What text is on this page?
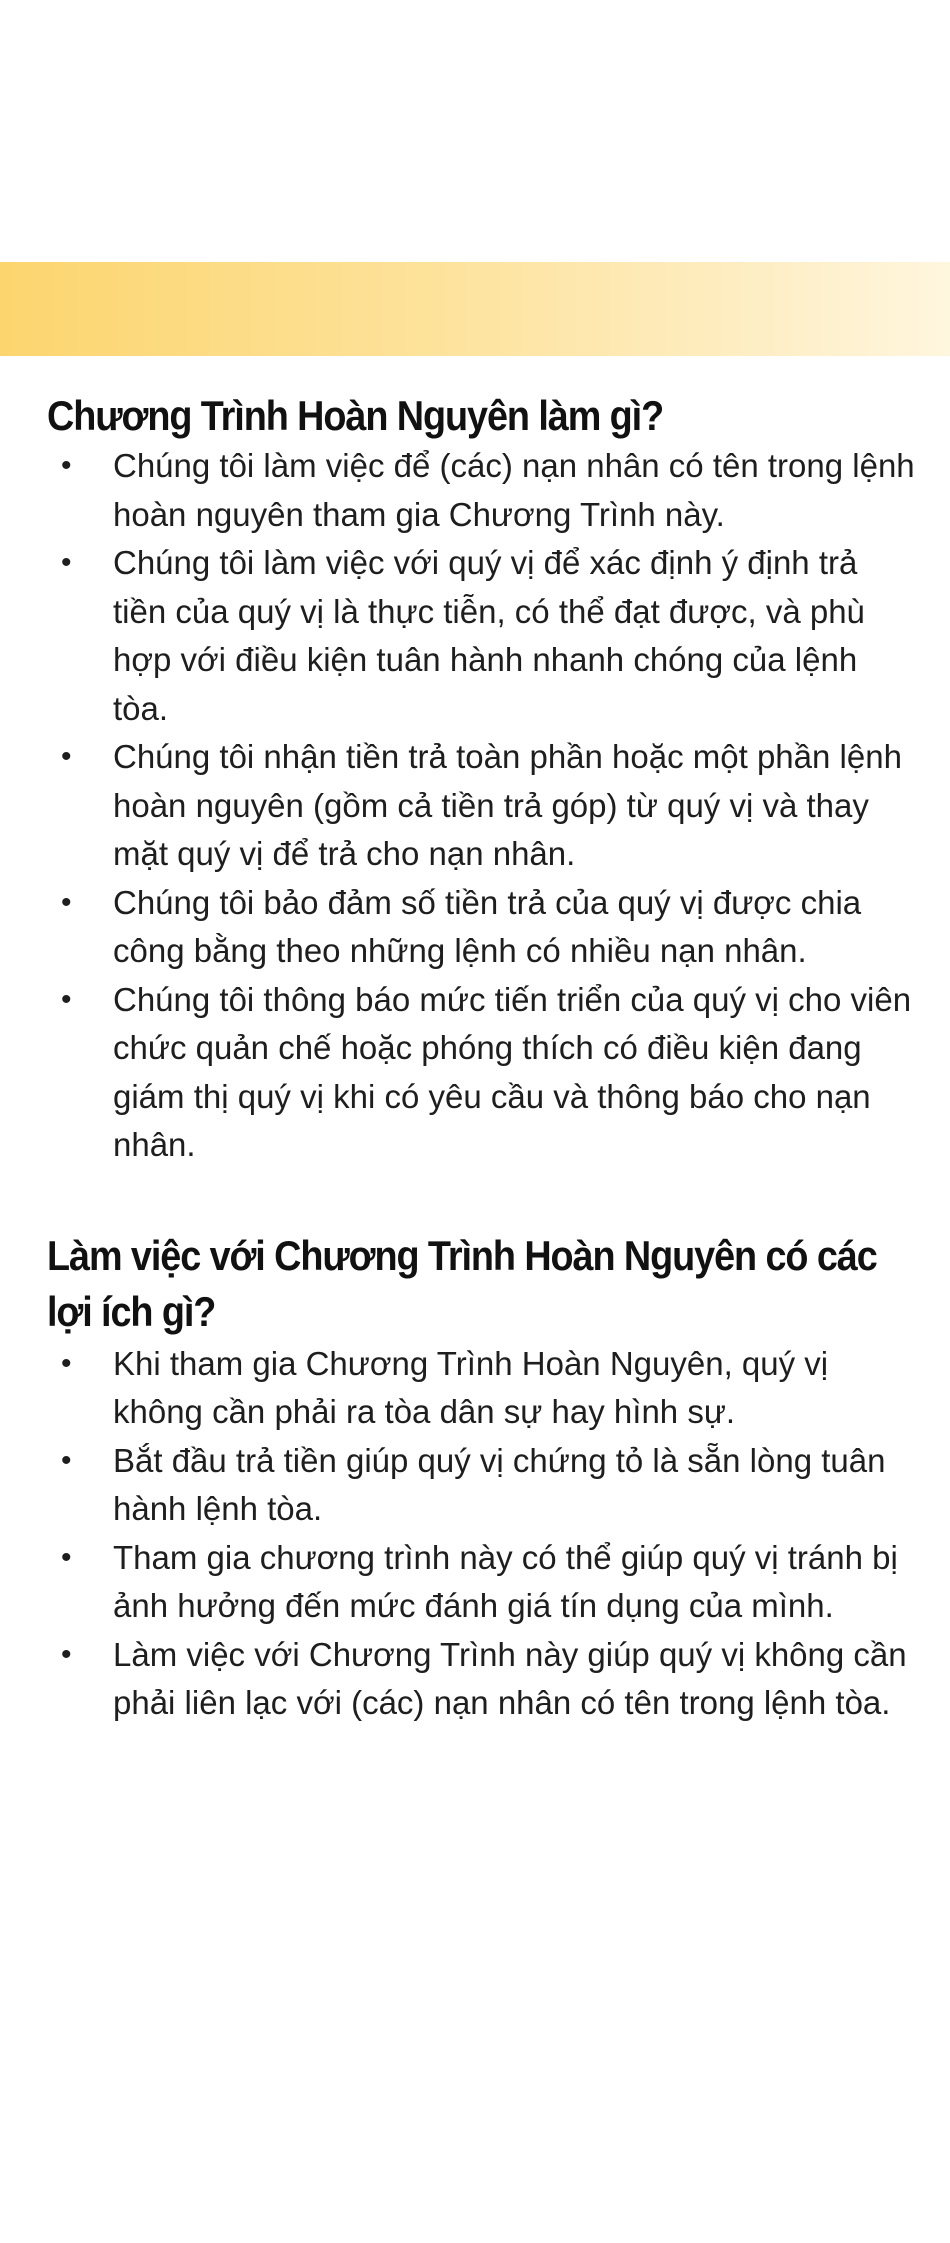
Chương Trình Hoàn Nguyên làm gì?
• Chúng tôi làm việc để (các) nạn nhân có tên trong lệnh hoàn nguyên tham gia Chương Trình này.
• Chúng tôi làm việc với quý vị để xác định ý định trả tiền của quý vị là thực tiễn, có thể đạt được, và phù hợp với điều kiện tuân hành nhanh chóng của lệnh tòa.
• Chúng tôi nhận tiền trả toàn phần hoặc một phần lệnh hoàn nguyên (gồm cả tiền trả góp) từ quý vị và thay mặt quý vị để trả cho nạn nhân.
• Chúng tôi bảo đảm số tiền trả của quý vị được chia công bằng theo những lệnh có nhiều nạn nhân.
• Chúng tôi thông báo mức tiến triển của quý vị cho viên chức quản chế hoặc phóng thích có điều kiện đang giám thị quý vị khi có yêu cầu và thông báo cho nạn nhân.
Làm việc với Chương Trình Hoàn Nguyên có các lợi ích gì?
• Khi tham gia Chương Trình Hoàn Nguyên, quý vị không cần phải ra tòa dân sự hay hình sự.
• Bắt đầu trả tiền giúp quý vị chứng tỏ là sẵn lòng tuân hành lệnh tòa.
• Tham gia chương trình này có thể giúp quý vị tránh bị ảnh hưởng đến mức đánh giá tín dụng của mình.
• Làm việc với Chương Trình này giúp quý vị không cần phải liên lạc với (các) nạn nhân có tên trong lệnh tòa.
